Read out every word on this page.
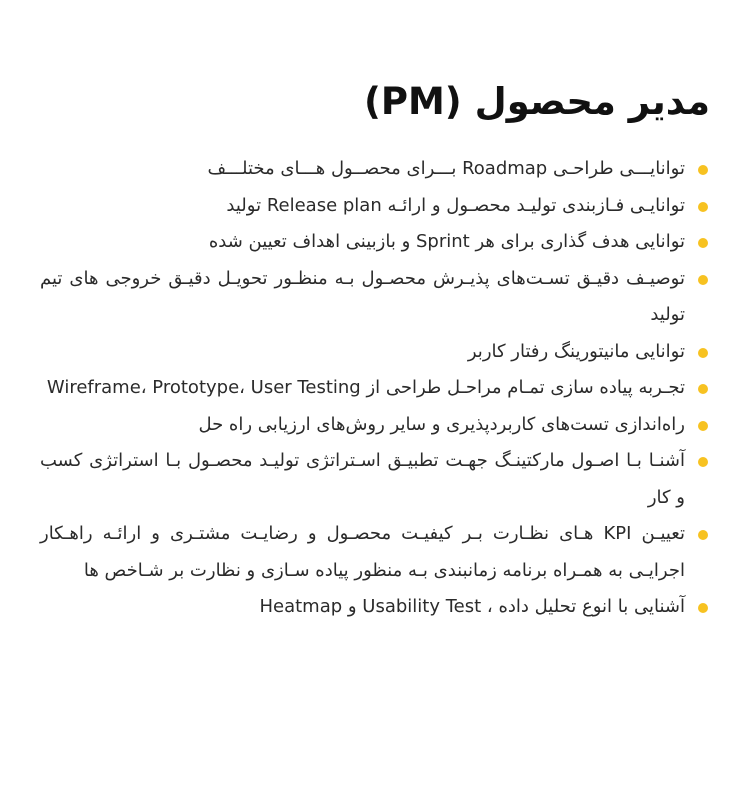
مدیر محصول (PM)
توانایـــی طراحـی Roadmap بـــرای محصــول هـــای مختلـــف
توانایـی فـازبندی تولیـد محصـول و ارائـه Release plan تولید
توانایی هدف گذاری برای هر Sprint و بازبینی اهداف تعیین شده
توصیـف دقیـق تسـت‌های پذیـرش محصـول بـه منظـور تحویـل دقیـق خروجی های تیم تولید
توانایی مانیتورینگ رفتار کاربر
تجـربه پیاده سازی تمـام مراحـل طراحی از Wireframe، Prototype، User Testing
راه‌اندازی تست‌های کاربردپذیری و سایر روش‌های ارزیابی راه حل
آشنـا بـا اصـول مارکتینـگ جهـت تطبیـق اسـتراتژی تولیـد محصـول بـا استراتژی کسب و کار
تعییـن KPI هـای نظـارت بـر کیفیـت محصـول و رضایـت مشتـری و ارائـه راهـکار اجرایـی به همـراه برنامه زمانبندی بـه منظور پیاده سـازی و نظارت بر شـاخص ها
آشنایی با انوع تحلیل داده ، Usability Test و Heatmap
